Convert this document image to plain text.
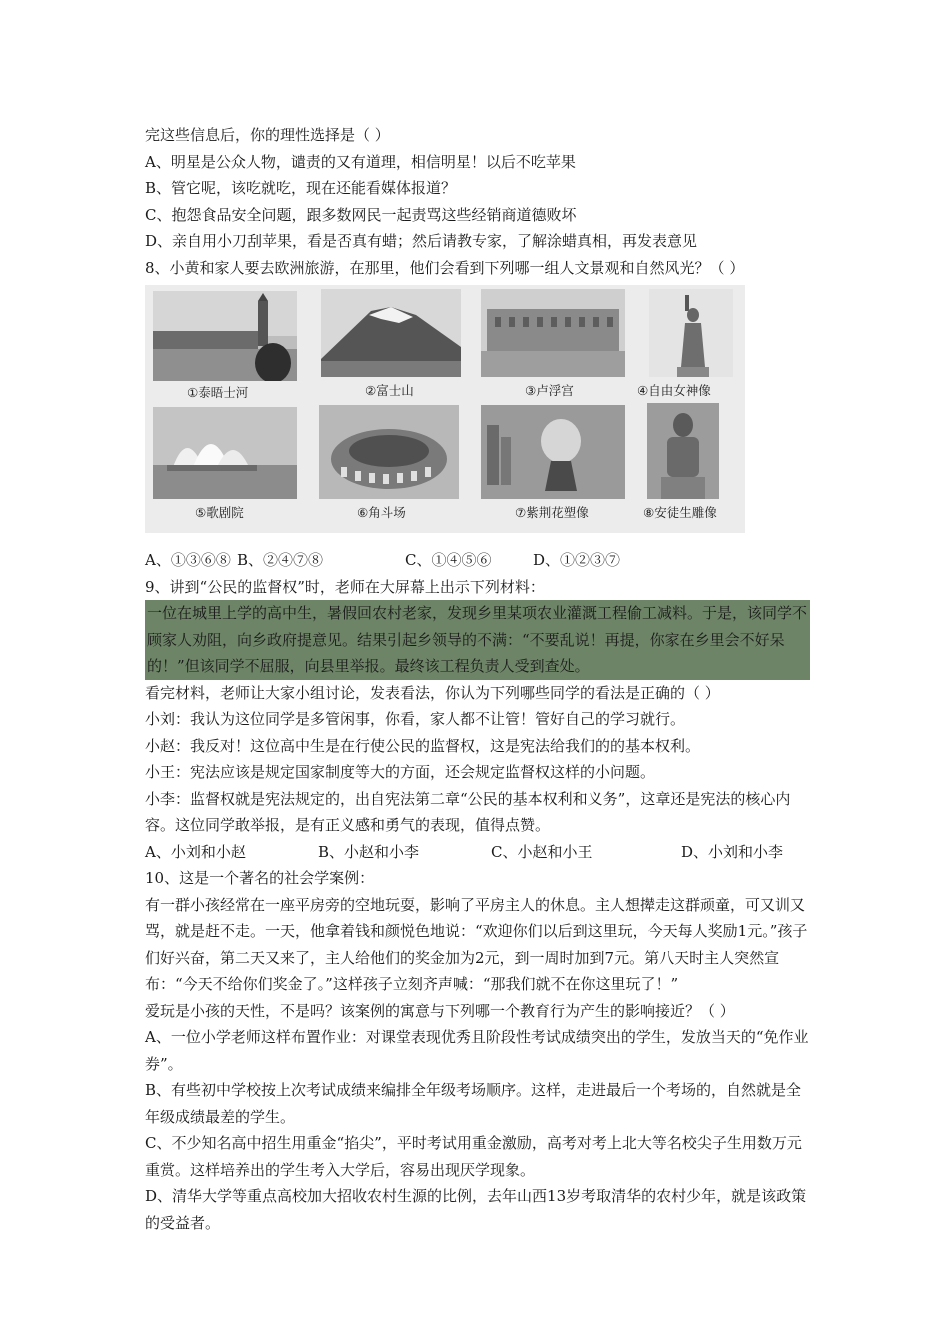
完这些信息后，你的理性选择是（ ）
A、明星是公众人物，谴责的又有道理，相信明星！以后不吃苹果
B、管它呢，该吃就吃，现在还能看媒体报道？
C、抱怨食品安全问题，跟多数网民一起责骂这些经销商道德败坏
D、亲自用小刀刮苹果，看是否真有蜡；然后请教专家，了解涂蜡真相，再发表意见
8、小黄和家人要去欧洲旅游，在那里，他们会看到下列哪一组人文景观和自然风光？（ ）
①泰晤士河	②富士山	③卢浮宫	④自由女神像
⑤歌剧院	⑥角斗场	⑦紫荆花塑像	⑧安徒生雕像
A、①③⑥⑧ B、②④⑦⑧	C、①④⑤⑥	D、①②③⑦
9、讲到“公民的监督权”时，老师在大屏幕上出示下列材料：
一位在城里上学的高中生，暑假回农村老家，发现乡里某项农业灌溉工程偷工减料。于是，该同学不顾家人劝阻，向乡政府提意见。结果引起乡领导的不满：“不要乱说！再提，你家在乡里会不好呆的！”但该同学不屈服，向县里举报。最终该工程负责人受到查处。
看完材料，老师让大家小组讨论，发表看法，你认为下列哪些同学的看法是正确的（ ）
小刘：我认为这位同学是多管闲事，你看，家人都不让管！管好自己的学习就行。
小赵：我反对！这位高中生是在行使公民的监督权，这是宪法给我们的的基本权利。
小王：宪法应该是规定国家制度等大的方面，还会规定监督权这样的小问题。
小李：监督权就是宪法规定的，出自宪法第二章“公民的基本权利和义务”，这章还是宪法的核心内容。这位同学敢举报，是有正义感和勇气的表现，值得点赞。
A、小刘和小赵	B、小赵和小李	C、小赵和小王	D、小刘和小李
10、这是一个著名的社会学案例：
有一群小孩经常在一座平房旁的空地玩耍，影响了平房主人的休息。主人想撵走这群顽童，可又训又骂，就是赶不走。一天，他拿着钱和颜悦色地说：“欢迎你们以后到这里玩，今天每人奖励1元。”孩子们好兴奋，第二天又来了，主人给他们的奖金加为2元，到一周时加到7元。第八天时主人突然宣布：“今天不给你们奖金了。”这样孩子立刻齐声喊：“那我们就不在你这里玩了！”
爱玩是小孩的天性，不是吗？该案例的寓意与下列哪一个教育行为产生的影响接近？（ ）
A、一位小学老师这样布置作业：对课堂表现优秀且阶段性考试成绩突出的学生，发放当天的“免作业券”。
B、有些初中学校按上次考试成绩来编排全年级考场顺序。这样，走进最后一个考场的，自然就是全年级成绩最差的学生。
C、不少知名高中招生用重金“掐尖”，平时考试用重金激励，高考对考上北大等名校尖子生用数万元重赏。这样培养出的学生考入大学后，容易出现厌学现象。
D、清华大学等重点高校加大招收农村生源的比例，去年山西13岁考取清华的农村少年，就是该政策的受益者。
